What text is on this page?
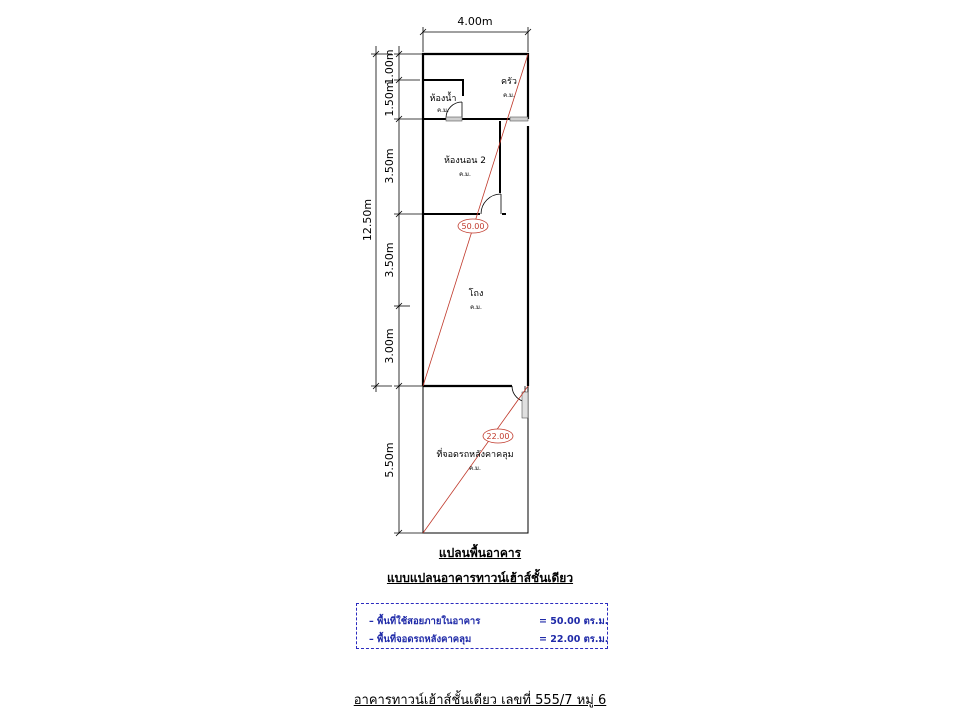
4.00m
12.50m
1.00m
1.50m
3.50m
3.50m
3.00m
5.50m
50.00
22.00
ห้องน้ำ
ค.ม.
ครัว
ค.ม.
ห้องนอน 2
ค.ม.
โถง
ค.ม.
ที่จอดรถหลังคาคลุม
ค.ม.
แปลนพื้นอาคาร
แบบแปลนอาคารทาวน์เฮ้าส์ชั้นเดียว
– พื้นที่ใช้สอยภายในอาคาร	= 50.00 ตร.ม.
– พื้นที่จอดรถหลังคาคลุม	= 22.00 ตร.ม.
อาคารทาวน์เฮ้าส์ชั้นเดียว เลขที่ 555/7 หมู่ 6
